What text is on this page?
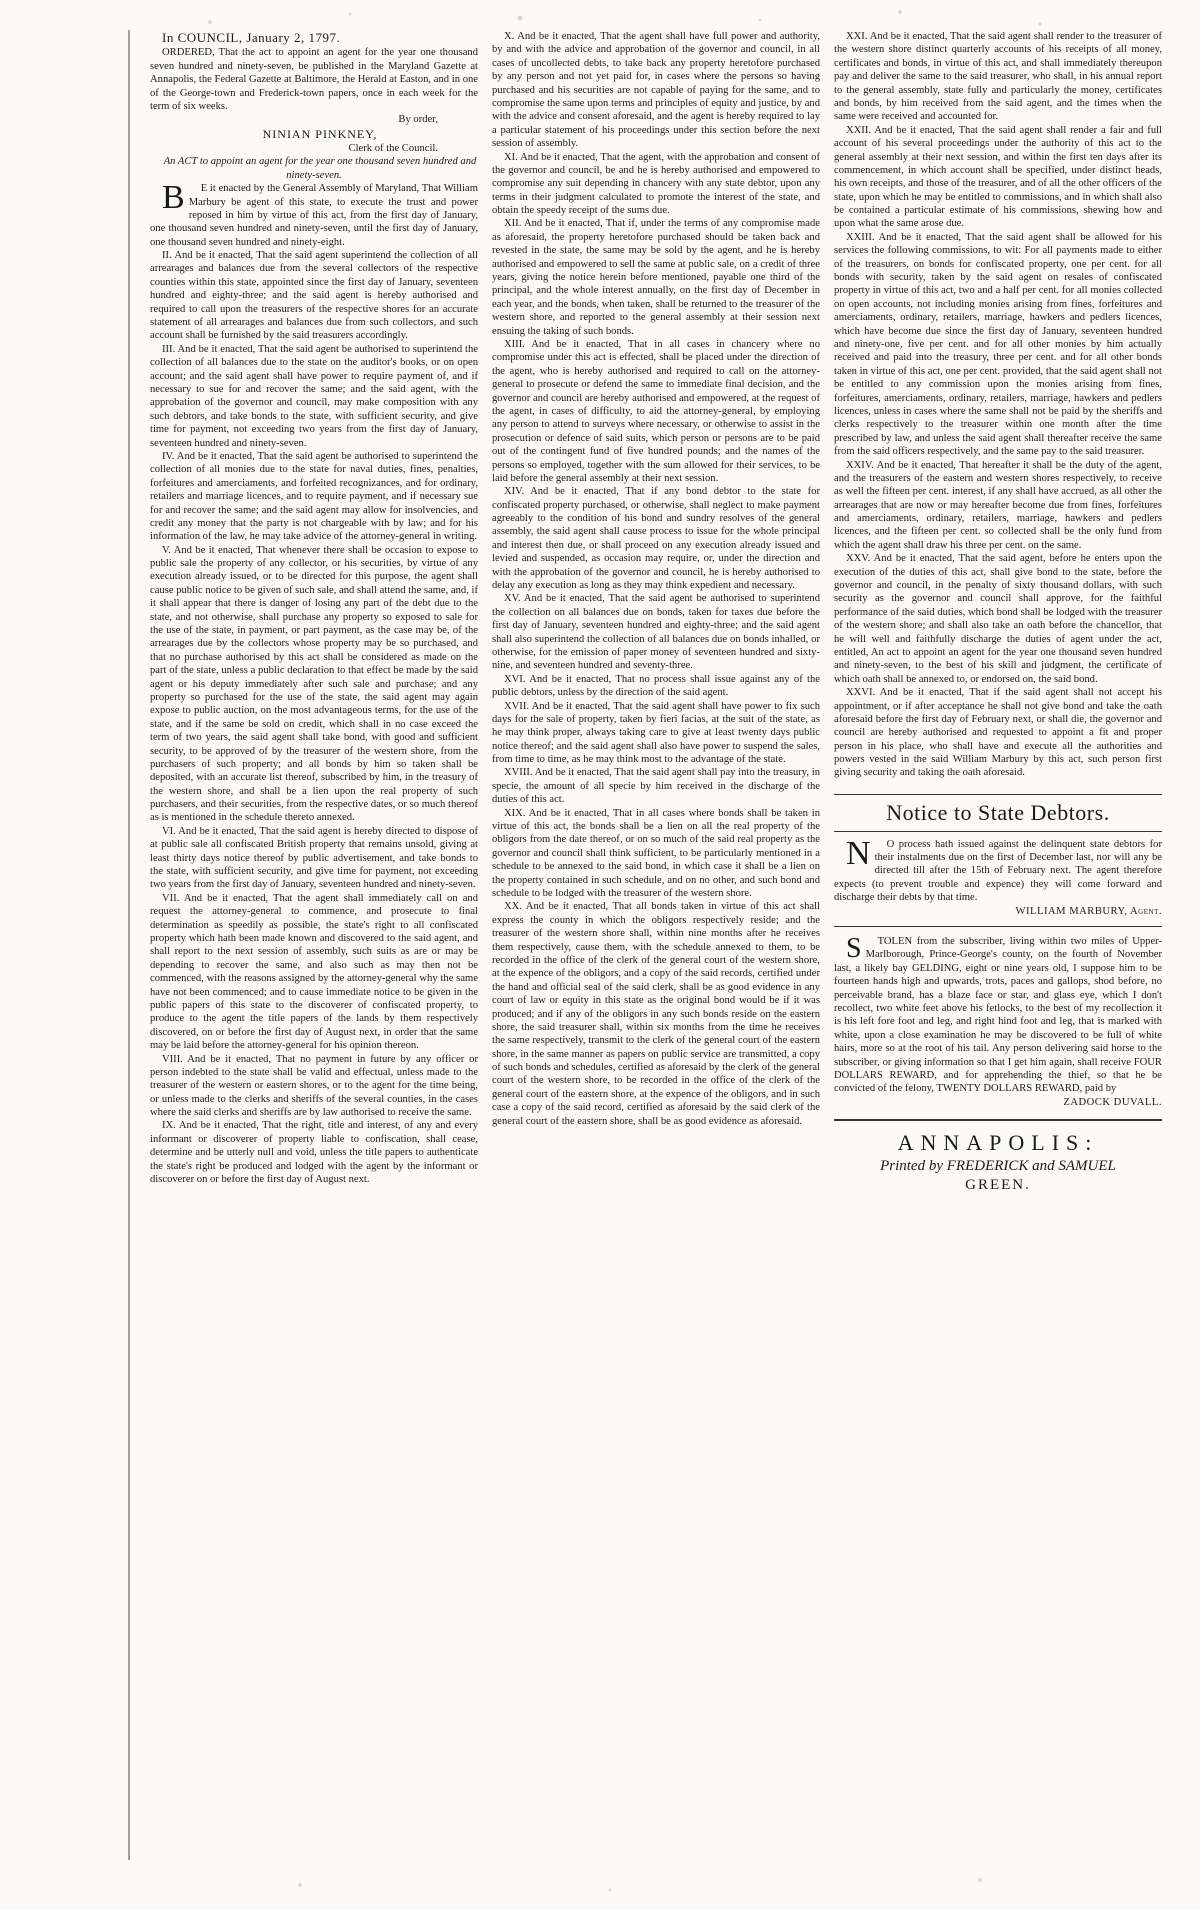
In COUNCIL, January 2, 1797.

ORDERED, That the act to appoint an agent for the year one thousand seven hundred and ninety-seven, be published in the Maryland Gazette at Annapolis, the Federal Gazette at Baltimore, the Herald at Easton, and in one of the George-town and Frederick-town papers, once in each week for the term of six weeks.

By order,

NINIAN PINKNEY,

Clerk of the Council.

An ACT to appoint an agent for the year one thousand seven hundred and ninety-seven.

B E it enacted by the General Assembly of Maryland, That William Marbury be agent of this state, to execute the trust and power reposed in him by virtue of this act, from the first day of January, one thousand seven hundred and ninety-seven, until the first day of January, one thousand seven hundred and ninety-eight.

II. And be it enacted, That the said agent superintend the collection of all arrearages and balances due from the several collectors of the respective counties within this state, appointed since the first day of January, seventeen hundred and eighty-three; and the said agent is hereby authorised and required to call upon the treasurers of the respective shores for an accurate statement of all arrearages and balances due from such collectors, and such account shall be furnished by the said treasurers accordingly.

III. And be it enacted, That the said agent be authorised to superintend the collection of all balances due to the state on the auditor's books, or on open account; and the said agent shall have power to require payment of, and if necessary to sue for and recover the same; and the said agent, with the approbation of the governor and council, may make composition with any such debtors, and take bonds to the state, with sufficient security, and give time for payment, not exceeding two years from the first day of January, seventeen hundred and ninety-seven.

IV. And be it enacted, That the said agent be authorised to superintend the collection of all monies due to the state for naval duties, fines, penalties, forfeitures and amerciaments, and forfeited recognizances, and for ordinary, retailers and marriage licences, and to require payment, and if necessary sue for and recover the same; and the said agent may allow for insolvencies, and credit any money that the party is not chargeable with by law; and for his information of the law, he may take advice of the attorney-general in writing.

V. And be it enacted, That whenever there shall be occasion to expose to public sale the property of any collector, or his securities, by virtue of any execution already issued, or to be directed for this purpose, the agent shall cause public notice to be given of such sale, and shall attend the same, and, if it shall appear that there is danger of losing any part of the debt due to the state, and not otherwise, shall purchase any property so exposed to sale for the use of the state, in payment, or part payment, as the case may be, of the arrearages due by the collectors whose property may be so purchased, and that no purchase authorised by this act shall be considered as made on the part of the state, unless a public declaration to that effect be made by the said agent or his deputy immediately after such sale and purchase; and any property so purchased for the use of the state, the said agent may again expose to public auction, on the most advantageous terms, for the use of the state, and if the same be sold on credit, which shall in no case exceed the term of two years, the said agent shall take bond, with good and sufficient security, to be approved of by the treasurer of the western shore, from the purchasers of such property; and all bonds by him so taken shall be deposited, with an accurate list thereof, subscribed by him, in the treasury of the western shore, and shall be a lien upon the real property of such purchasers, and their securities, from the respective dates, or so much thereof as is mentioned in the schedule thereto annexed.

VI. And be it enacted, That the said agent is hereby directed to dispose of at public sale all confiscated British property that remains unsold, giving at least thirty days notice thereof by public advertisement, and take bonds to the state, with sufficient security, and give time for payment, not exceeding two years from the first day of January, seventeen hundred and ninety-seven.

VII. And be it enacted, That the agent shall immediately call on and request the attorney-general to commence, and prosecute to final determination as speedily as possible, the state's right to all confiscated property which hath been made known and discovered to the said agent, and shall report to the next session of assembly, such suits as are or may be depending to recover the same, and also such as may then not be commenced, with the reasons assigned by the attorney-general why the same have not been commenced; and to cause immediate notice to be given in the public papers of this state to the discoverer of confiscated property, to produce to the agent the title papers of the lands by them respectively discovered, on or before the first day of August next, in order that the same may be laid before the attorney-general for his opinion thereon.

VIII. And be it enacted, That no payment in future by any officer or person indebted to the state shall be valid and effectual, unless made to the treasurer of the western or eastern shores, or to the agent for the time being, or unless made to the clerks and sheriffs of the several counties, in the cases where the said clerks and sheriffs are by law authorised to receive the same.

IX. And be it enacted, That the right, title and interest, of any and every informant or discoverer of property liable to confiscation, shall cease, determine and be utterly null and void, unless the title papers to authenticate the state's right be produced and lodged with the agent by the informant or discoverer on or before the first day of August next.

X. And be it enacted, That the agent shall have full power and authority, by and with the advice and approbation of the governor and council, in all cases of uncollected debts, to take back any property heretofore purchased by any person and not yet paid for, in cases where the persons so having purchased and his securities are not capable of paying for the same, and to compromise the same upon terms and principles of equity and justice, by and with the advice and consent aforesaid, and the agent is hereby required to lay a particular statement of his proceedings under this section before the next session of assembly.

XI. And be it enacted, That the agent, with the approbation and consent of the governor and council, be and he is hereby authorised and empowered to compromise any suit depending in chancery with any state debtor, upon any terms in their judgment calculated to promote the interest of the state, and obtain the speedy receipt of the sums due.

XII. And be it enacted, That if, under the terms of any compromise made as aforesaid, the property heretofore purchased should be taken back and revested in the state, the same may be sold by the agent, and he is hereby authorised and empowered to sell the same at public sale, on a credit of three years, giving the notice herein before mentioned, payable one third of the principal, and the whole interest annually, on the first day of December in each year, and the bonds, when taken, shall be returned to the treasurer of the western shore, and reported to the general assembly at their session next ensuing the taking of such bonds.

XIII. And be it enacted, That in all cases in chancery where no compromise under this act is effected, shall be placed under the direction of the agent, who is hereby authorised and required to call on the attorney-general to prosecute or defend the same to immediate final decision, and the governor and council are hereby authorised and empowered, at the request of the agent, in cases of difficulty, to aid the attorney-general, by employing any person to attend to surveys where necessary, or otherwise to assist in the prosecution or defence of said suits, which person or persons are to be paid out of the contingent fund of five hundred pounds; and the names of the persons so employed, together with the sum allowed for their services, to be laid before the general assembly at their next session.

XIV. And be it enacted, That if any bond debtor to the state for confiscated property purchased, or otherwise, shall neglect to make payment agreeably to the condition of his bond and sundry resolves of the general assembly, the said agent shall cause process to issue for the whole principal and interest then due, or shall proceed on any execution already issued and levied and suspended, as occasion may require, or, under the direction and with the approbation of the governor and council, he is hereby authorised to delay any execution as long as they may think expedient and necessary.

XV. And be it enacted, That the said agent be authorised to superintend the collection on all balances due on bonds, taken for taxes due before the first day of January, seventeen hundred and eighty-three; and the said agent shall also superintend the collection of all balances due on bonds inhalled, or otherwise, for the emission of paper money of seventeen hundred and sixty-nine, and seventeen hundred and seventy-three.

XVI. And be it enacted, That no process shall issue against any of the public debtors, unless by the direction of the said agent.

XVII. And be it enacted, That the said agent shall have power to fix such days for the sale of property, taken by fieri facias, at the suit of the state, as he may think proper, always taking care to give at least twenty days public notice thereof; and the said agent shall also have power to suspend the sales, from time to time, as he may think most to the advantage of the state.

XVIII. And be it enacted, That the said agent shall pay into the treasury, in specie, the amount of all specie by him received in the discharge of the duties of this act.

XIX. And be it enacted, That in all cases where bonds shall be taken in virtue of this act, the bonds shall be a lien on all the real property of the obligors from the date thereof, or on so much of the said real property as the governor and council shall think sufficient, to be particularly mentioned in a schedule to be annexed to the said bond, in which case it shall be a lien on the property contained in such schedule, and on no other, and such bond and schedule to be lodged with the treasurer of the western shore.

XX. And be it enacted, That all bonds taken in virtue of this act shall express the county in which the obligors respectively reside; and the treasurer of the western shore shall, within nine months after he receives them respectively, cause them, with the schedule annexed to them, to be recorded in the office of the clerk of the general court of the western shore, at the expence of the obligors, and a copy of the said records, certified under the hand and official seal of the said clerk, shall be as good evidence in any court of law or equity in this state as the original bond would be if it was produced; and if any of the obligors in any such bonds reside on the eastern shore, the said treasurer shall, within six months from the time he receives the same respectively, transmit to the clerk of the general court of the eastern shore, in the same manner as papers on public service are transmitted, a copy of such bonds and schedules, certified as aforesaid by the clerk of the general court of the western shore, to be recorded in the office of the clerk of the general court of the eastern shore, at the expence of the obligors, and in such case a copy of the said record, certified as aforesaid by the said clerk of the general court of the eastern shore, shall be as good evidence as aforesaid.

XXI. And be it enacted, That the said agent shall render to the treasurer of the western shore distinct quarterly accounts of his receipts of all money, certificates and bonds, in virtue of this act, and shall immediately thereupon pay and deliver the same to the said treasurer, who shall, in his annual report to the general assembly, state fully and particularly the money, certificates and bonds, by him received from the said agent, and the times when the same were received and accounted for.

XXII. And be it enacted, That the said agent shall render a fair and full account of his several proceedings under the authority of this act to the general assembly at their next session, and within the first ten days after its commencement, in which account shall be specified, under distinct heads, his own receipts, and those of the treasurer, and of all the other officers of the state, upon which he may be entitled to commissions, and in which shall also be contained a particular estimate of his commissions, shewing how and upon what the same arose due.

XXIII. And be it enacted, That the said agent shall be allowed for his services the following commissions, to wit: For all payments made to either of the treasurers, on bonds for confiscated property, one per cent. for all bonds with security, taken by the said agent on resales of confiscated property in virtue of this act, two and a half per cent. for all monies collected on open accounts, not including monies arising from fines, forfeitures and amerciaments, ordinary, retailers, marriage, hawkers and pedlers licences, which have become due since the first day of January, seventeen hundred and ninety-one, five per cent. and for all other monies by him actually received and paid into the treasury, three per cent. and for all other bonds taken in virtue of this act, one per cent. provided, that the said agent shall not be entitled to any commission upon the monies arising from fines, forfeitures, amerciaments, ordinary, retailers, marriage, hawkers and pedlers licences, unless in cases where the same shall not be paid by the sheriffs and clerks respectively to the treasurer within one month after the time prescribed by law, and unless the said agent shall thereafter receive the same from the said officers respectively, and the same pay to the said treasurer.

XXIV. And be it enacted, That hereafter it shall be the duty of the agent, and the treasurers of the eastern and western shores respectively, to receive as well the fifteen per cent. interest, if any shall have accrued, as all other the arrearages that are now or may hereafter become due from fines, forfeitures and amerciaments, ordinary, retailers, marriage, hawkers and pedlers licences, and the fifteen per cent. so collected shall be the only fund from which the agent shall draw his three per cent. on the same.

XXV. And be it enacted, That the said agent, before he enters upon the execution of the duties of this act, shall give bond to the state, before the governor and council, in the penalty of sixty thousand dollars, with such security as the governor and council shall approve, for the faithful performance of the said duties, which bond shall be lodged with the treasurer of the western shore; and shall also take an oath before the chancellor, that he will well and faithfully discharge the duties of agent under the act, entitled, An act to appoint an agent for the year one thousand seven hundred and ninety-seven, to the best of his skill and judgment, the certificate of which oath shall be annexed to, or endorsed on, the said bond.

XXVI. And be it enacted, That if the said agent shall not accept his appointment, or if after acceptance he shall not give bond and take the oath aforesaid before the first day of February next, or shall die, the governor and council are hereby authorised and requested to appoint a fit and proper person in his place, who shall have and execute all the authorities and powers vested in the said William Marbury by this act, such person first giving security and taking the oath aforesaid.

Notice to State Debtors.

N O process hath issued against the delinquent state debtors for their instalments due on the first of December last, nor will any be directed till after the 15th of February next. The agent therefore expects (to prevent trouble and expence) they will come forward and discharge their debts by that time.

WILLIAM MARBURY, Agent.

S TOLEN from the subscriber, living within two miles of Upper-Marlborough, Prince-George's county, on the fourth of November last, a likely bay GELDING, eight or nine years old, I suppose him to be fourteen hands high and upwards, trots, paces and gallops, shod before, no perceivable brand, has a blaze face or star, and glass eye, which I don't recollect, two white feet above his fetlocks, to the best of my recollection it is his left fore foot and leg, and right hind foot and leg, that is marked with white, upon a close examination he may be discovered to be full of white hairs, more so at the root of his tail. Any person delivering said horse to the subscriber, or giving information so that I get him again, shall receive FOUR DOLLARS REWARD, and for apprehending the thief, so that he be convicted of the felony, TWENTY DOLLARS REWARD, paid by

ZADOCK DUVALL.

ANNAPOLIS:
Printed by FREDERICK and SAMUEL
GREEN.
